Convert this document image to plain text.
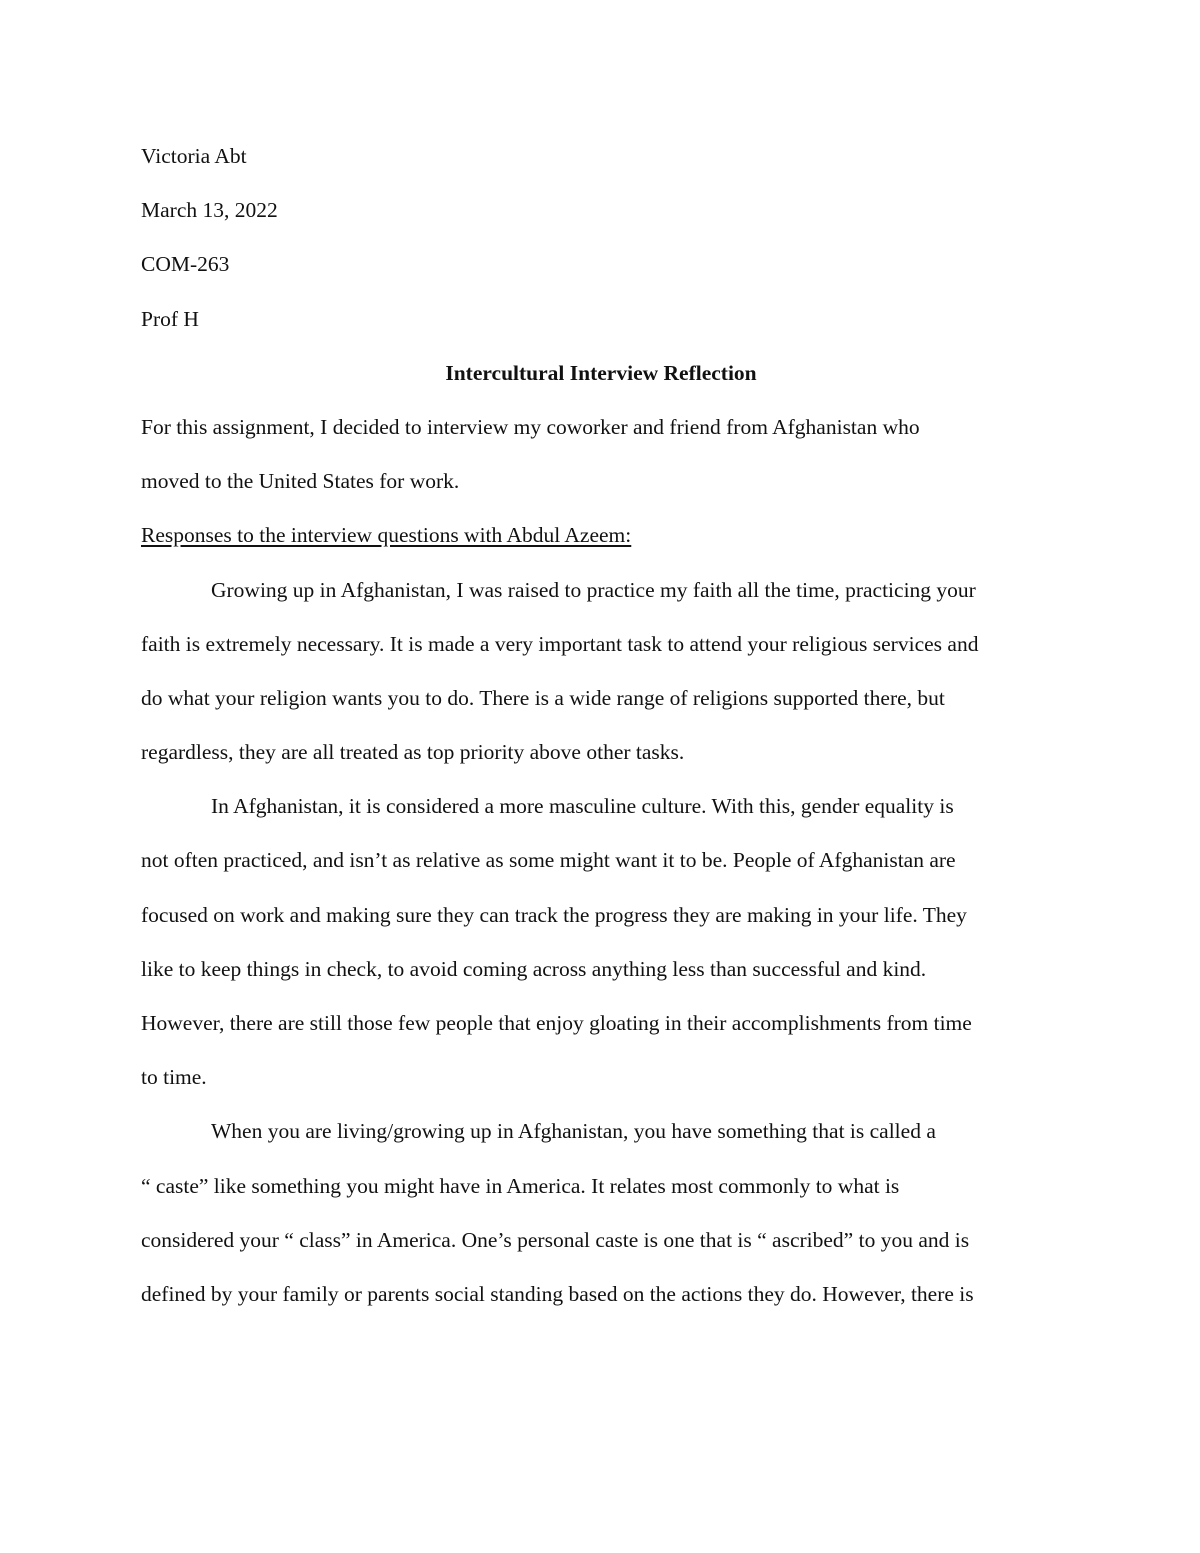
Victoria Abt
March 13, 2022
COM-263
Prof H
Intercultural Interview Reflection
For this assignment, I decided to interview my coworker and friend from Afghanistan who
moved to the United States for work.
Responses to the interview questions with Abdul Azeem:
Growing up in Afghanistan, I was raised to practice my faith all the time, practicing your
faith is extremely necessary. It is made a very important task to attend your religious services and
do what your religion wants you to do. There is a wide range of religions supported there, but
regardless, they are all treated as top priority above other tasks.
In Afghanistan, it is considered a more masculine culture. With this, gender equality is
not often practiced, and isn’t as relative as some might want it to be. People of Afghanistan are
focused on work and making sure they can track the progress they are making in your life. They
like to keep things in check, to avoid coming across anything less than successful and kind.
However, there are still those few people that enjoy gloating in their accomplishments from time
to time.
When you are living/growing up in Afghanistan, you have something that is called a
“ caste” like something you might have in America. It relates most commonly to what is
considered your “ class” in America. One’s personal caste is one that is “ ascribed” to you and is
defined by your family or parents social standing based on the actions they do. However, there is
